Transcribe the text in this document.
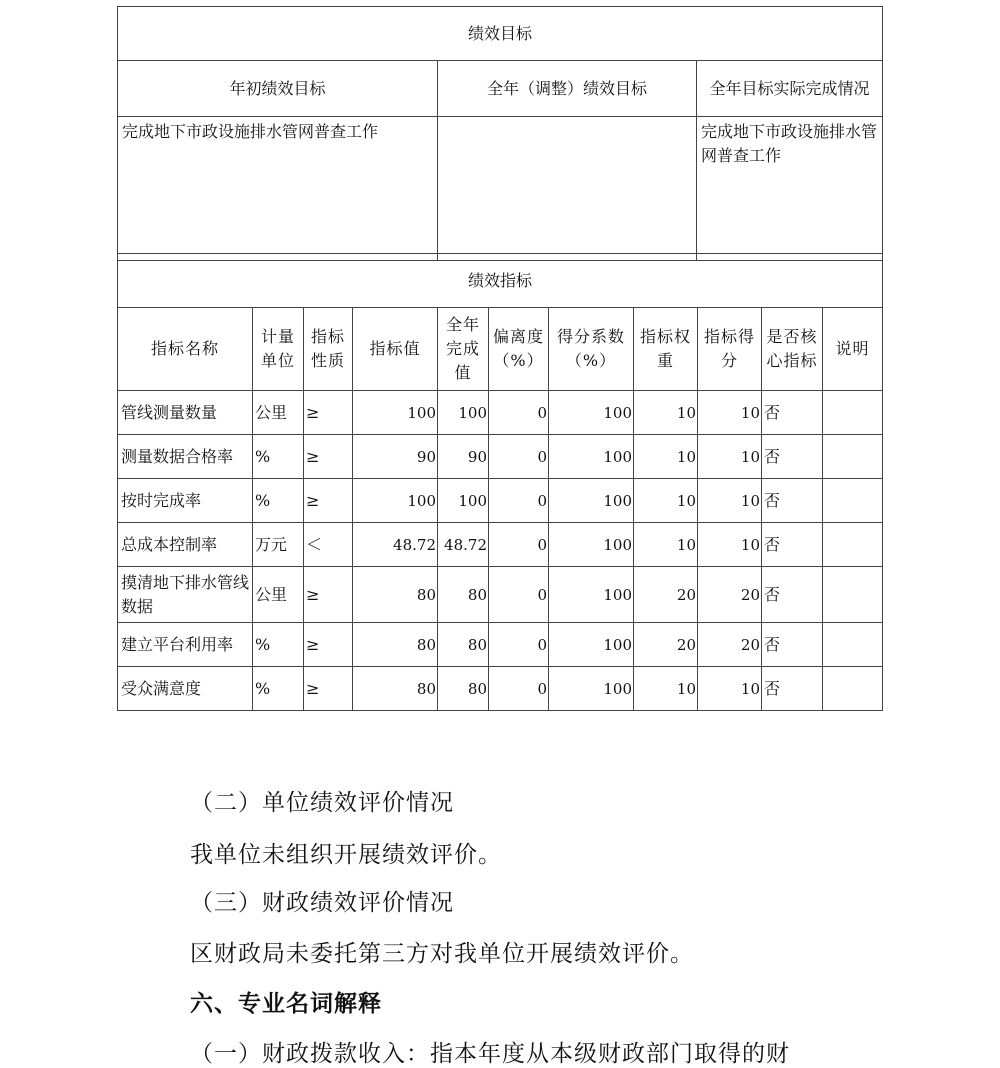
绩效目标		
年初绩效目标	全年（调整）绩效目标	全年目标实际完成情况
完成地下市政设施排水管网普查工作		完成地下市政设施排水管网普查工作
绩效指标										
指标名称	计量单位	指标性质	指标值	全年完成值	偏离度（%）	得分系数（%）	指标权重	指标得分	是否核心指标	说明
管线测量数量	公里	≥	100	100	0	100	10	10	否	
测量数据合格率	%	≥	90	90	0	100	10	10	否	
按时完成率	%	≥	100	100	0	100	10	10	否	
总成本控制率	万元	＜	48.72	48.72	0	100	10	10	否	
摸清地下排水管线数据	公里	≥	80	80	0	100	20	20	否	
建立平台利用率	%	≥	80	80	0	100	20	20	否	
受众满意度	%	≥	80	80	0	100	10	10	否	
（二）单位绩效评价情况
我单位未组织开展绩效评价。
（三）财政绩效评价情况
区财政局未委托第三方对我单位开展绩效评价。
六、专业名词解释
（一）财政拨款收入：指本年度从本级财政部门取得的财
